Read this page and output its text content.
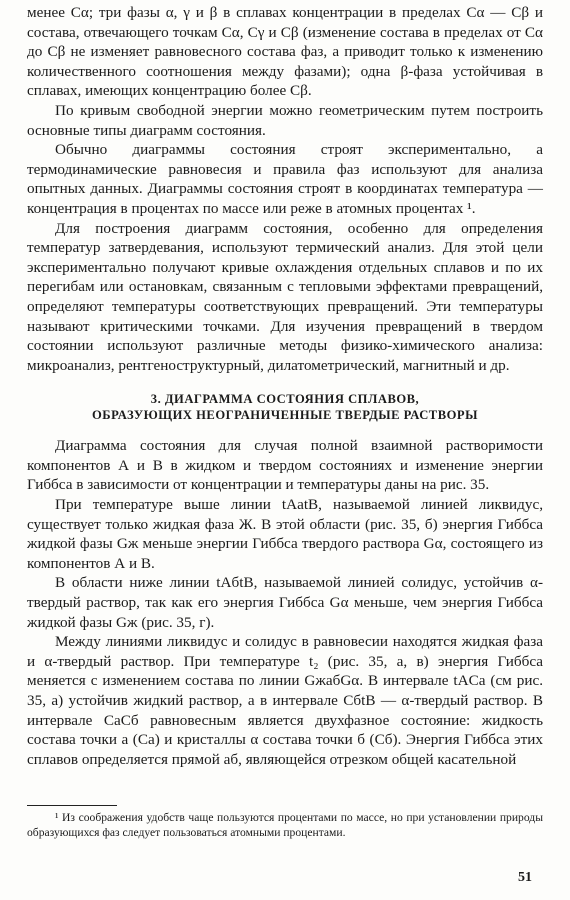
менее Cα; три фазы α, γ и β в сплавах концентрации в пределах Cα — Cβ и состава, отвечающего точкам Cα, Cγ и Cβ (изменение состава в пределах от Cα до Cβ не изменяет равновесного состава фаз, а приводит только к изменению количественного соотношения между фазами); одна β-фаза устойчивая в сплавах, имеющих концентрацию более Cβ.

По кривым свободной энергии можно геометрическим путем построить основные типы диаграмм состояния.

Обычно диаграммы состояния строят экспериментально, а термодинамические равновесия и правила фаз используют для анализа опытных данных. Диаграммы состояния строят в координатах температура — концентрация в процентах по массе или реже в атомных процентах ¹.

Для построения диаграмм состояния, особенно для определения температур затвердевания, используют термический анализ. Для этой цели экспериментально получают кривые охлаждения отдельных сплавов и по их перегибам или остановкам, связанным с тепловыми эффектами превращений, определяют температуры соответствующих превращений. Эти температуры называют критическими точками. Для изучения превращений в твердом состоянии используют различные методы физико-химического анализа: микроанализ, рентгеноструктурный, дилатометрический, магнитный и др.

3. ДИАГРАММА СОСТОЯНИЯ СПЛАВОВ,
ОБРАЗУЮЩИХ НЕОГРАНИЧЕННЫЕ ТВЕРДЫЕ РАСТВОРЫ

Диаграмма состояния для случая полной взаимной растворимости компонентов А и В в жидком и твердом состояниях и изменение энергии Гиббса в зависимости от концентрации и температуры даны на рис. 35.

При температуре выше линии tAatB, называемой линией ликвидус, существует только жидкая фаза Ж. В этой области (рис. 35, б) энергия Гиббса жидкой фазы Gж меньше энергии Гиббса твердого раствора Gα, состоящего из компонентов А и В.

В области ниже линии tAбtB, называемой линией солидус, устойчив α-твердый раствор, так как его энергия Гиббса Gα меньше, чем энергия Гиббса жидкой фазы Gж (рис. 35, г).

Между линиями ликвидус и солидус в равновесии находятся жидкая фаза и α-твердый раствор. При температуре t₂ (рис. 35, а, в) энергия Гиббса меняется с изменением состава по линии GжабGα. В интервале tACa (см рис. 35, а) устойчив жидкий раствор, а в интервале CбtB — α-твердый раствор. В интервале CaCб равновесным является двухфазное состояние: жидкость состава точки a (Ca) и кристаллы α состава точки б (Cб). Энергия Гиббса этих сплавов определяется прямой аб, являющейся отрезком общей касательной

¹ Из соображения удобств чаще пользуются процентами по массе, но при установлении природы образующихся фаз следует пользоваться атомными процентами.

51
